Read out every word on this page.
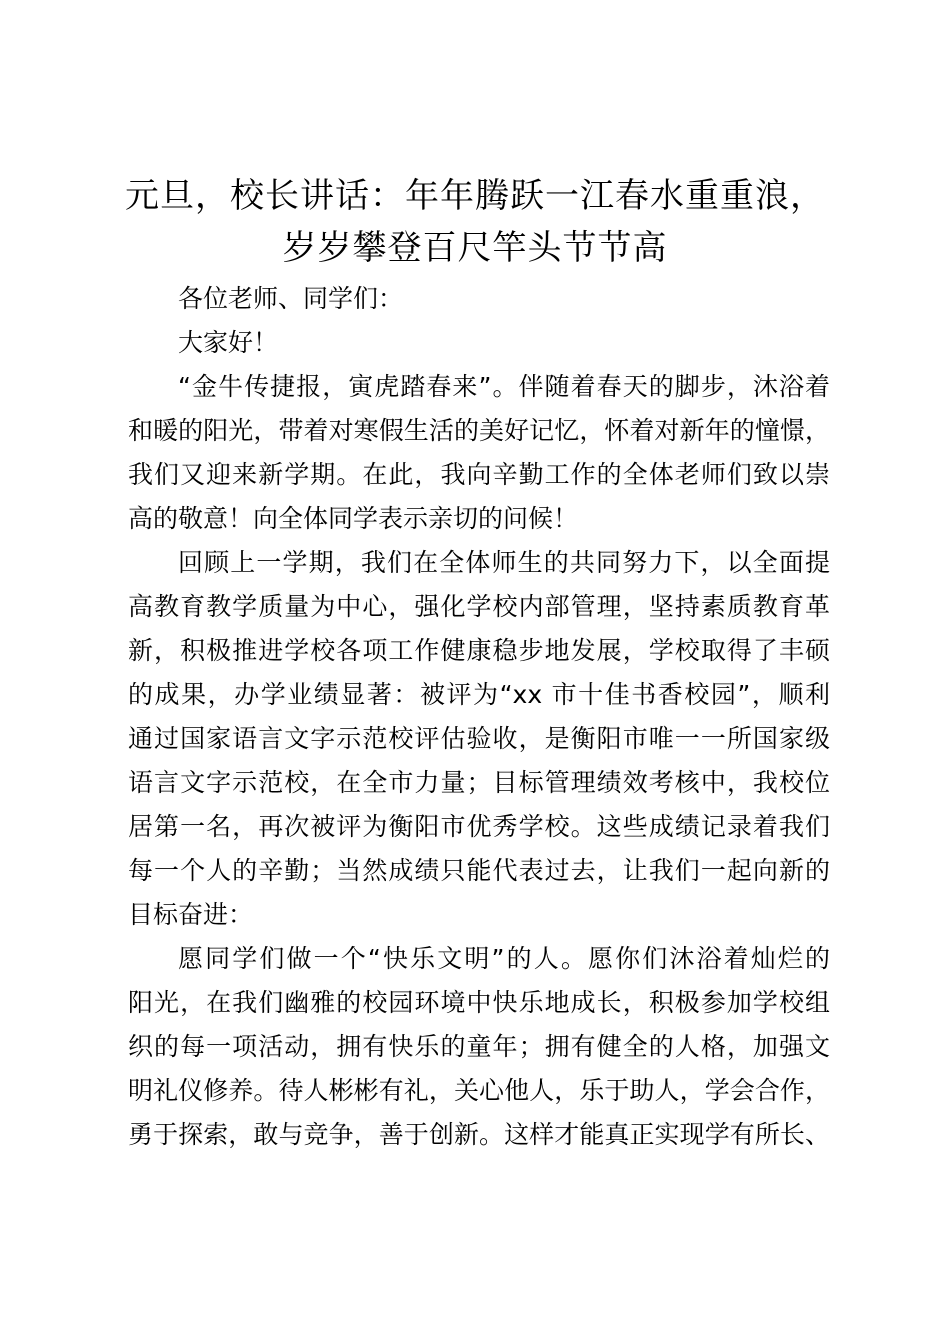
元旦，校长讲话：年年腾跃一江春水重重浪，
岁岁攀登百尺竿头节节高
各位老师、同学们：
大家好！
“金牛传捷报，寅虎踏春来”。伴随着春天的脚步，沐浴着
和暖的阳光，带着对寒假生活的美好记忆，怀着对新年的憧憬，
我们又迎来新学期。在此，我向辛勤工作的全体老师们致以崇
高的敬意！向全体同学表示亲切的问候！
回顾上一学期，我们在全体师生的共同努力下，以全面提
高教育教学质量为中心，强化学校内部管理，坚持素质教育革
新，积极推进学校各项工作健康稳步地发展，学校取得了丰硕
的成果，办学业绩显著：被评为“xx 市十佳书香校园”，顺利
通过国家语言文字示范校评估验收，是衡阳市唯一一所国家级
语言文字示范校，在全市力量；目标管理绩效考核中，我校位
居第一名，再次被评为衡阳市优秀学校。这些成绩记录着我们
每一个人的辛勤；当然成绩只能代表过去，让我们一起向新的
目标奋进：
愿同学们做一个“快乐文明”的人。愿你们沐浴着灿烂的
阳光，在我们幽雅的校园环境中快乐地成长，积极参加学校组
织的每一项活动，拥有快乐的童年；拥有健全的人格，加强文
明礼仪修养。待人彬彬有礼，关心他人，乐于助人，学会合作，
勇于探索，敢与竞争，善于创新。这样才能真正实现学有所长、
